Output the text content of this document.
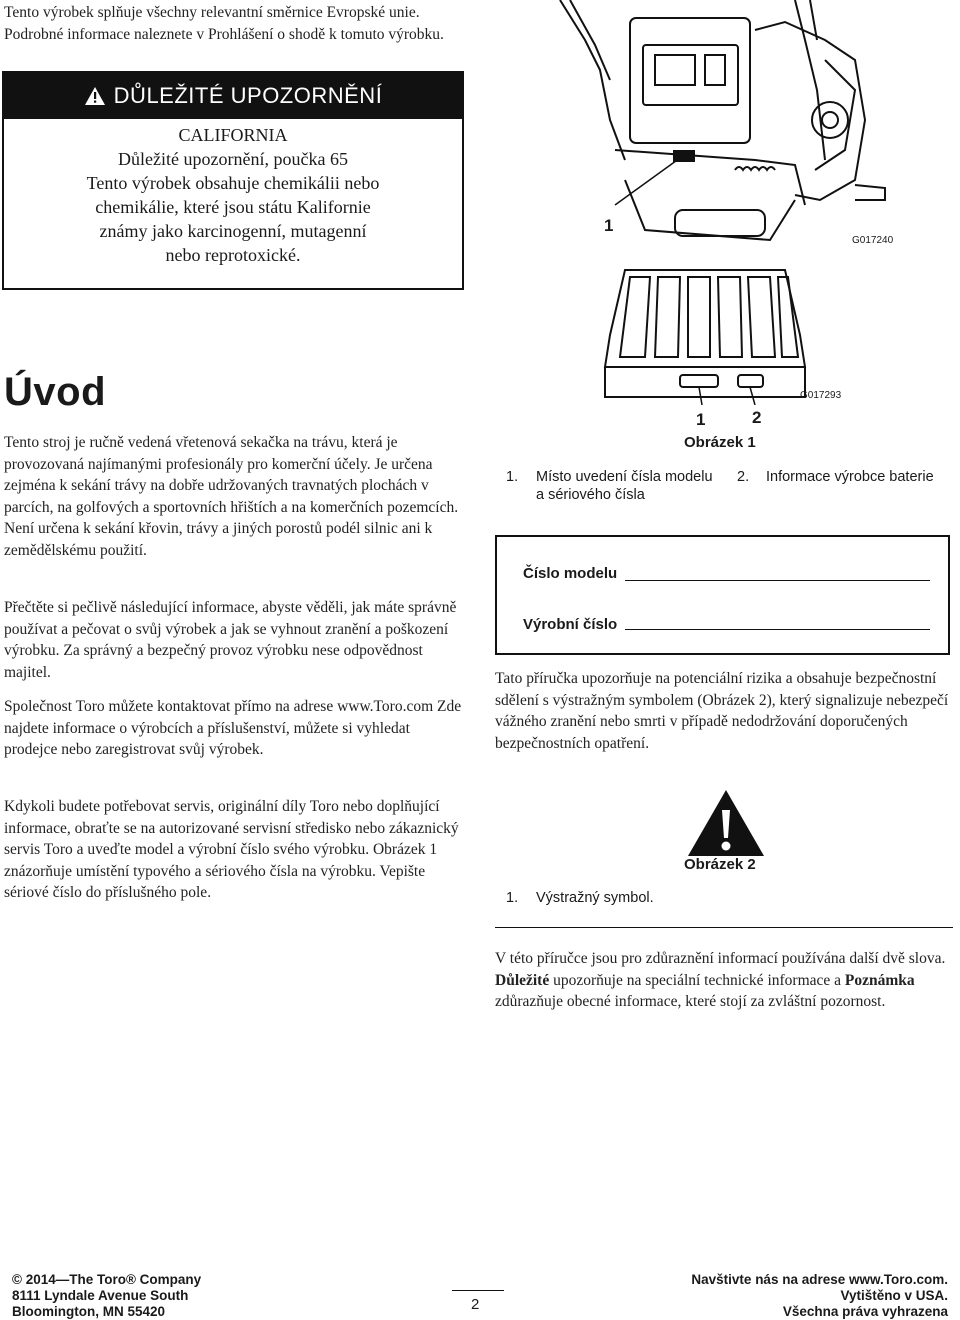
Tento výrobek splňuje všechny relevantní směrnice Evropské unie. Podrobné informace naleznete v Prohlášení o shodě k tomuto výrobku.

DŮLEŽITÉ UPOZORNĚNÍ
CALIFORNIA
Důležité upozornění, poučka 65
Tento výrobek obsahuje chemikálii nebo
chemikálie, které jsou státu Kalifornie
známy jako karcinogenní, mutagenní
nebo reprotoxické.
1
G017240
G017293
1	2
Obrázek 1
1. Místo uvedení čísla modelu a sériového čísla
2. Informace výrobce baterie
Číslo modelu
Výrobní číslo
Úvod

Tento stroj je ručně vedená vřetenová sekačka na trávu, která je provozovaná najímanými profesionály pro komerční účely. Je určena zejména k sekání trávy na dobře udržovaných travnatých plochách v parcích, na golfových a sportovních hřištích a na komerčních pozemcích. Není určena k sekání křovin, trávy a jiných porostů podél silnic ani k zemědělskému použití.

Přečtěte si pečlivě následující informace, abyste věděli, jak máte správně používat a pečovat o svůj výrobek a jak se vyhnout zranění a poškození výrobku. Za správný a bezpečný provoz výrobku nese odpovědnost majitel.

Společnost Toro můžete kontaktovat přímo na adrese www.Toro.com Zde najdete informace o výrobcích a příslušenství, můžete si vyhledat prodejce nebo zaregistrovat svůj výrobek.

Kdykoli budete potřebovat servis, originální díly Toro nebo doplňující informace, obraťte se na autorizované servisní středisko nebo zákaznický servis Toro a uveďte model a výrobní číslo svého výrobku. Obrázek 1 znázorňuje umístění typového a sériového čísla na výrobku. Vepište sériové číslo do příslušného pole.

Tato příručka upozorňuje na potenciální rizika a obsahuje bezpečnostní sdělení s výstražným symbolem (Obrázek 2), který signalizuje nebezpečí vážného zranění nebo smrti v případě nedodržování doporučených bezpečnostních opatření.

Obrázek 2
1. Výstražný symbol.

V této příručce jsou pro zdůraznění informací používána další dvě slova. Důležité upozorňuje na speciální technické informace a Poznámka zdůrazňuje obecné informace, které stojí za zvláštní pozornost.

© 2014—The Toro® Company
8111 Lyndale Avenue South
Bloomington, MN 55420	2
Navštivte nás na adrese www.Toro.com.
Vytištěno v USA.
Všechna práva vyhrazena
